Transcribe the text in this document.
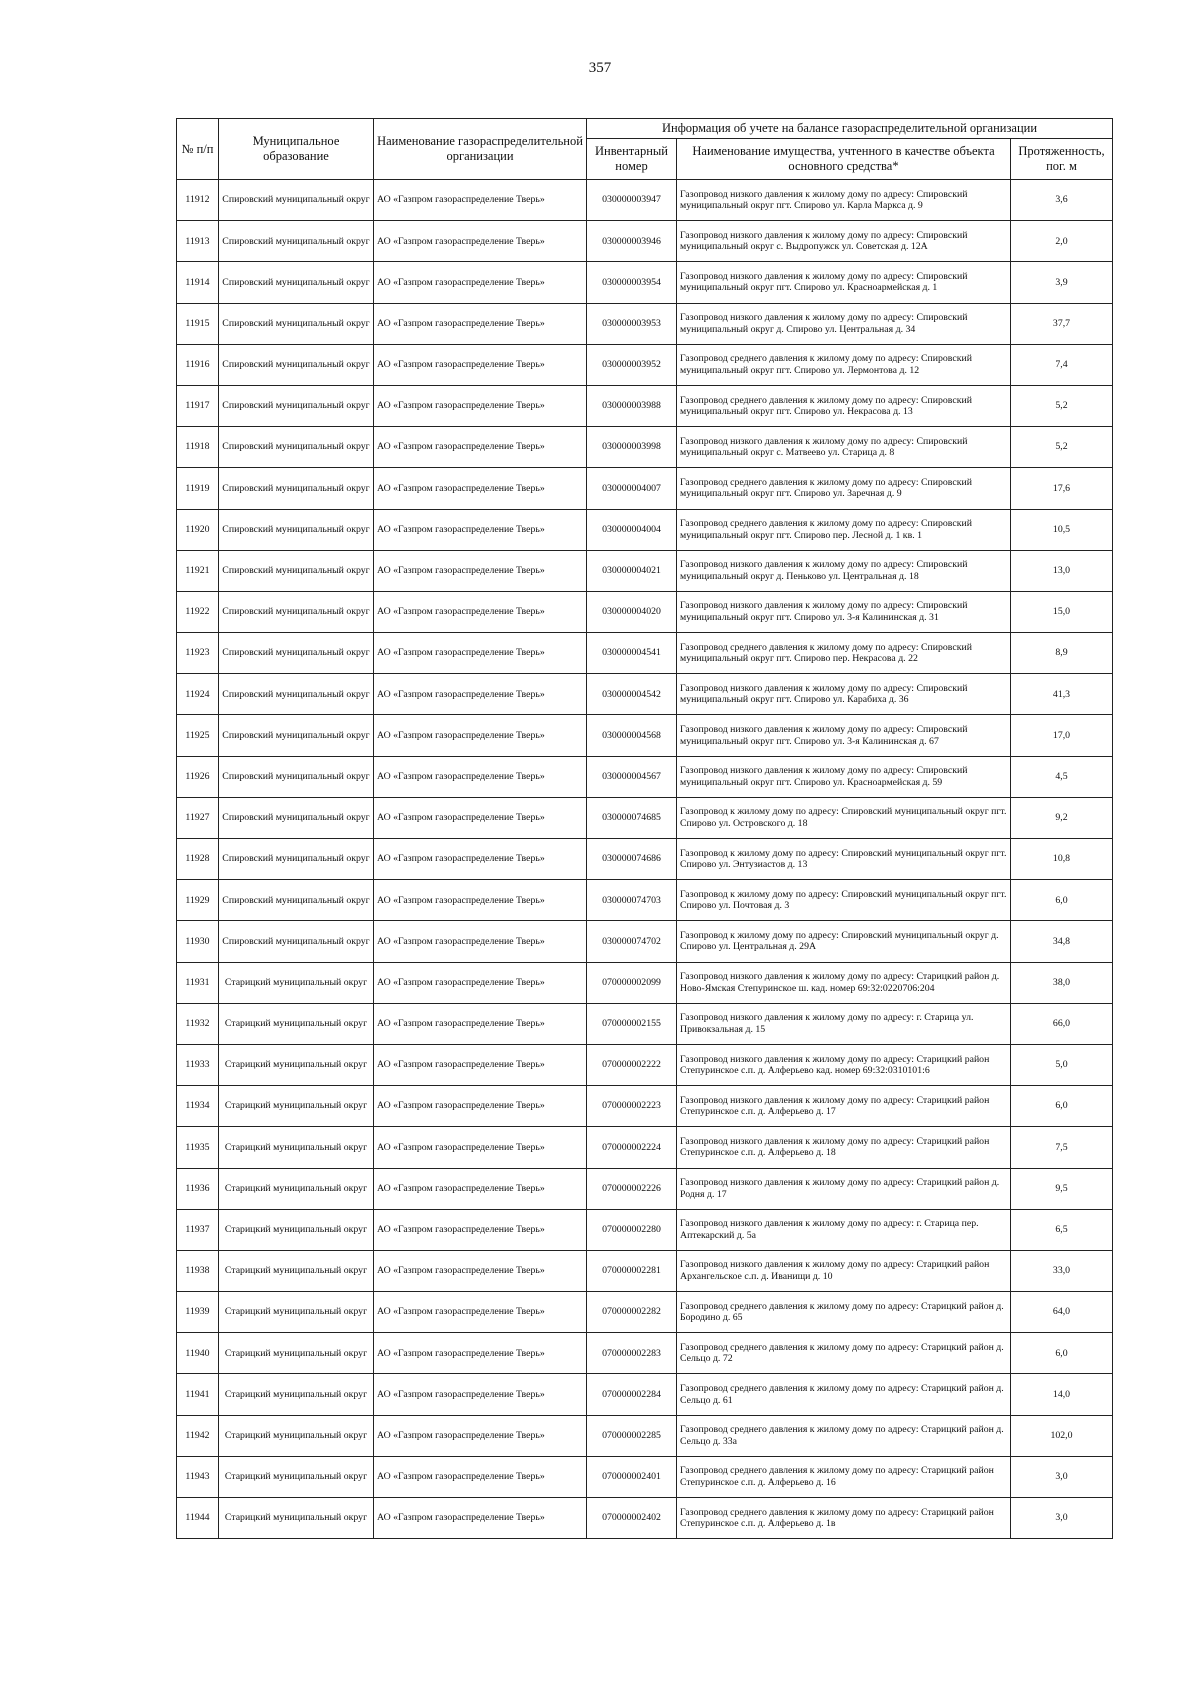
357
№ п/п	Муниципальное образование	Наименование газораспределительной организации	Информация об учете на балансе газораспределительной организации		
			Инвентарный номер	Наименование имущества, учтенного в качестве объекта основного средства*	Протяженность, пог. м
11912	Спировский муниципальный округ	АО «Газпром газораспределение Тверь»	030000003947	Газопровод низкого давления к жилому дому по адресу: Спировский муниципальный округ пгт. Спирово ул. Карла Маркса д. 9	3,6
11913	Спировский муниципальный округ	АО «Газпром газораспределение Тверь»	030000003946	Газопровод низкого давления к жилому дому по адресу: Спировский муниципальный округ с. Выдропужск ул. Советская д. 12А	2,0
11914	Спировский муниципальный округ	АО «Газпром газораспределение Тверь»	030000003954	Газопровод низкого давления к жилому дому по адресу: Спировский муниципальный округ пгт. Спирово ул. Красноармейская д. 1	3,9
11915	Спировский муниципальный округ	АО «Газпром газораспределение Тверь»	030000003953	Газопровод низкого давления к жилому дому по адресу: Спировский муниципальный округ д. Спирово ул. Центральная д. 34	37,7
11916	Спировский муниципальный округ	АО «Газпром газораспределение Тверь»	030000003952	Газопровод среднего давления к жилому дому по адресу: Спировский муниципальный округ пгт. Спирово ул. Лермонтова д. 12	7,4
11917	Спировский муниципальный округ	АО «Газпром газораспределение Тверь»	030000003988	Газопровод среднего давления к жилому дому по адресу: Спировский муниципальный округ пгт. Спирово ул. Некрасова д. 13	5,2
11918	Спировский муниципальный округ	АО «Газпром газораспределение Тверь»	030000003998	Газопровод низкого давления к жилому дому по адресу: Спировский муниципальный округ с. Матвеево ул. Старица д. 8	5,2
11919	Спировский муниципальный округ	АО «Газпром газораспределение Тверь»	030000004007	Газопровод среднего давления к жилому дому по адресу: Спировский муниципальный округ пгт. Спирово ул. Заречная д. 9	17,6
11920	Спировский муниципальный округ	АО «Газпром газораспределение Тверь»	030000004004	Газопровод среднего давления к жилому дому по адресу: Спировский муниципальный округ пгт. Спирово пер. Лесной д. 1 кв. 1	10,5
11921	Спировский муниципальный округ	АО «Газпром газораспределение Тверь»	030000004021	Газопровод низкого давления к жилому дому по адресу: Спировский муниципальный округ д. Пеньково ул. Центральная д. 18	13,0
11922	Спировский муниципальный округ	АО «Газпром газораспределение Тверь»	030000004020	Газопровод низкого давления к жилому дому по адресу: Спировский муниципальный округ пгт. Спирово ул. 3-я Калининская д. 31	15,0
11923	Спировский муниципальный округ	АО «Газпром газораспределение Тверь»	030000004541	Газопровод среднего давления к жилому дому по адресу: Спировский муниципальный округ пгт. Спирово пер. Некрасова д. 22	8,9
11924	Спировский муниципальный округ	АО «Газпром газораспределение Тверь»	030000004542	Газопровод низкого давления к жилому дому по адресу: Спировский муниципальный округ пгт. Спирово ул. Карабиха д. 36	41,3
11925	Спировский муниципальный округ	АО «Газпром газораспределение Тверь»	030000004568	Газопровод низкого давления к жилому дому по адресу: Спировский муниципальный округ пгт. Спирово ул. 3-я Калининская д. 67	17,0
11926	Спировский муниципальный округ	АО «Газпром газораспределение Тверь»	030000004567	Газопровод низкого давления к жилому дому по адресу: Спировский муниципальный округ пгт. Спирово ул. Красноармейская д. 59	4,5
11927	Спировский муниципальный округ	АО «Газпром газораспределение Тверь»	030000074685	Газопровод к жилому дому по адресу: Спировский муниципальный округ пгт. Спирово ул. Островского д. 18	9,2
11928	Спировский муниципальный округ	АО «Газпром газораспределение Тверь»	030000074686	Газопровод к жилому дому по адресу: Спировский муниципальный округ пгт. Спирово ул. Энтузиастов д. 13	10,8
11929	Спировский муниципальный округ	АО «Газпром газораспределение Тверь»	030000074703	Газопровод к жилому дому по адресу: Спировский муниципальный округ пгт. Спирово ул. Почтовая д. 3	6,0
11930	Спировский муниципальный округ	АО «Газпром газораспределение Тверь»	030000074702	Газопровод к жилому дому по адресу: Спировский муниципальный округ д. Спирово ул. Центральная д. 29А	34,8
11931	Старицкий муниципальный округ	АО «Газпром газораспределение Тверь»	070000002099	Газопровод низкого давления к жилому дому по адресу: Старицкий район д. Ново-Ямская Степуринское ш. кад. номер 69:32:0220706:204	38,0
11932	Старицкий муниципальный округ	АО «Газпром газораспределение Тверь»	070000002155	Газопровод низкого давления к жилому дому по адресу: г. Старица ул. Привокзальная д. 15	66,0
11933	Старицкий муниципальный округ	АО «Газпром газораспределение Тверь»	070000002222	Газопровод низкого давления к жилому дому по адресу: Старицкий район Степуринское с.п. д. Алферьево кад. номер 69:32:0310101:6	5,0
11934	Старицкий муниципальный округ	АО «Газпром газораспределение Тверь»	070000002223	Газопровод низкого давления к жилому дому по адресу: Старицкий район Степуринское с.п. д. Алферьево д. 17	6,0
11935	Старицкий муниципальный округ	АО «Газпром газораспределение Тверь»	070000002224	Газопровод низкого давления к жилому дому по адресу: Старицкий район Степуринское с.п. д. Алферьево д. 18	7,5
11936	Старицкий муниципальный округ	АО «Газпром газораспределение Тверь»	070000002226	Газопровод низкого давления к жилому дому по адресу: Старицкий район д. Родня д. 17	9,5
11937	Старицкий муниципальный округ	АО «Газпром газораспределение Тверь»	070000002280	Газопровод низкого давления к жилому дому по адресу: г. Старица пер. Аптекарский д. 5а	6,5
11938	Старицкий муниципальный округ	АО «Газпром газораспределение Тверь»	070000002281	Газопровод низкого давления к жилому дому по адресу: Старицкий район Архангельское с.п. д. Иванищи д. 10	33,0
11939	Старицкий муниципальный округ	АО «Газпром газораспределение Тверь»	070000002282	Газопровод среднего давления к жилому дому по адресу: Старицкий район д. Бородино д. 65	64,0
11940	Старицкий муниципальный округ	АО «Газпром газораспределение Тверь»	070000002283	Газопровод среднего давления к жилому дому по адресу: Старицкий район д. Сельцо д. 72	6,0
11941	Старицкий муниципальный округ	АО «Газпром газораспределение Тверь»	070000002284	Газопровод среднего давления к жилому дому по адресу: Старицкий район д. Сельцо д. 61	14,0
11942	Старицкий муниципальный округ	АО «Газпром газораспределение Тверь»	070000002285	Газопровод среднего давления к жилому дому по адресу: Старицкий район д. Сельцо д. 33а	102,0
11943	Старицкий муниципальный округ	АО «Газпром газораспределение Тверь»	070000002401	Газопровод среднего давления к жилому дому по адресу: Старицкий район Степуринское с.п. д. Алферьево д. 16	3,0
11944	Старицкий муниципальный округ	АО «Газпром газораспределение Тверь»	070000002402	Газопровод среднего давления к жилому дому по адресу: Старицкий район Степуринское с.п. д. Алферьево д. 1в	3,0
